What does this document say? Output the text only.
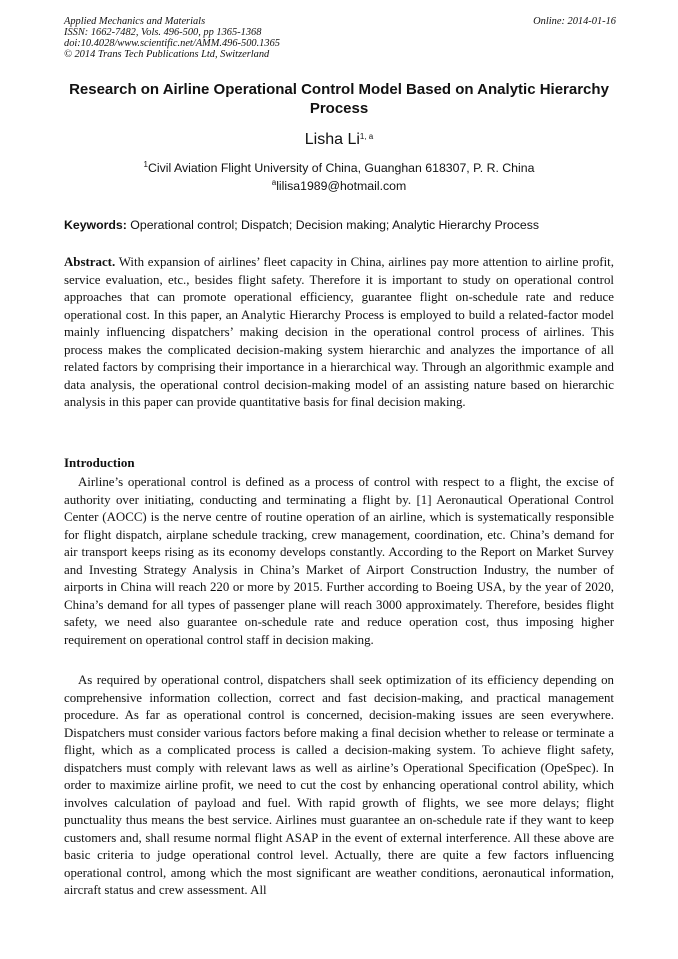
Applied Mechanics and Materials
ISSN: 1662-7482, Vols. 496-500, pp 1365-1368
doi:10.4028/www.scientific.net/AMM.496-500.1365
© 2014 Trans Tech Publications Ltd, Switzerland
Online: 2014-01-16
Research on Airline Operational Control Model Based on Analytic Hierarchy Process
Lisha Li$^{1, a}$
$^1$Civil Aviation Flight University of China, Guanghan 618307, P. R. China
$^a$lilisa1989@hotmail.com
Keywords: Operational control; Dispatch; Decision making; Analytic Hierarchy Process

Abstract. With expansion of airlines’ fleet capacity in China, airlines pay more attention to airline profit, service evaluation, etc., besides flight safety. Therefore it is important to study on operational control approaches that can promote operational efficiency, guarantee flight on-schedule rate and reduce operational cost. In this paper, an Analytic Hierarchy Process is employed to build a related-factor model mainly influencing dispatchers’ making decision in the operational control process of airlines. This process makes the complicated decision-making system hierarchic and analyzes the importance of all related factors by comprising their importance in a hierarchical way. Through an algorithmic example and data analysis, the operational control decision-making model of an assisting nature based on hierarchic analysis in this paper can provide quantitative basis for final decision making.

Introduction

Airline’s operational control is defined as a process of control with respect to a flight, the excise of authority over initiating, conducting and terminating a flight by. [1] Aeronautical Operational Control Center (AOCC) is the nerve centre of routine operation of an airline, which is systematically responsible for flight dispatch, airplane schedule tracking, crew management, coordination, etc. China’s demand for air transport keeps rising as its economy develops constantly. According to the Report on Market Survey and Investing Strategy Analysis in China’s Market of Airport Construction Industry, the number of airports in China will reach 220 or more by 2015. Further according to Boeing USA, by the year of 2020, China’s demand for all types of passenger plane will reach 3000 approximately. Therefore, besides flight safety, we need also guarantee on-schedule rate and reduce operation cost, thus imposing higher requirement on operational control staff in decision making.

As required by operational control, dispatchers shall seek optimization of its efficiency depending on comprehensive information collection, correct and fast decision-making, and practical management procedure. As far as operational control is concerned, decision-making issues are seen everywhere. Dispatchers must consider various factors before making a final decision whether to release or terminate a flight, which as a complicated process is called a decision-making system. To achieve flight safety, dispatchers must comply with relevant laws as well as airline’s Operational Specification (OpeSpec). In order to maximize airline profit, we need to cut the cost by enhancing operational control ability, which involves calculation of payload and fuel. With rapid growth of flights, we see more delays; flight punctuality thus means the best service. Airlines must guarantee an on-schedule rate if they want to keep customers and, shall resume normal flight ASAP in the event of external interference. All these above are basic criteria to judge operational control level. Actually, there are quite a few factors influencing operational control, among which the most significant are weather conditions, aeronautical information, aircraft status and crew assessment. All
